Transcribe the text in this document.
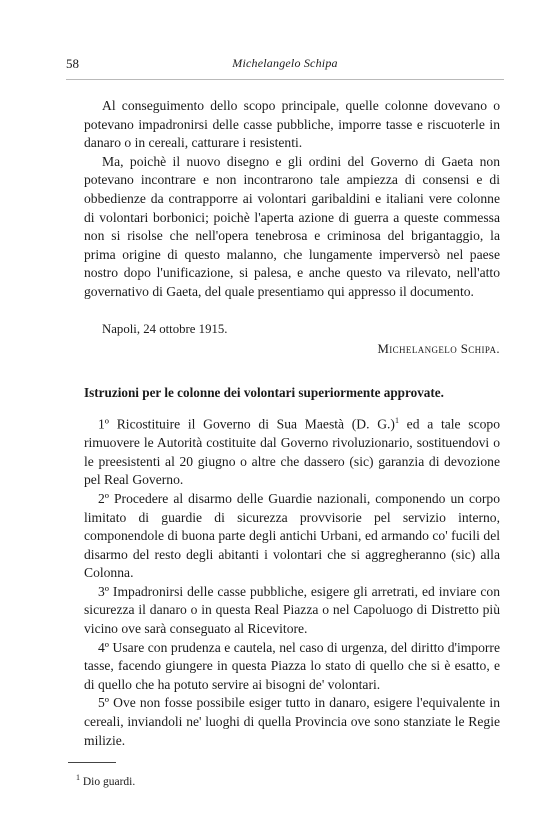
58	Michelangelo Schipa

Al conseguimento dello scopo principale, quelle colonne dovevano o potevano impadronirsi delle casse pubbliche, imporre tasse e riscuoterle in danaro o in cereali, catturare i resistenti.

Ma, poichè il nuovo disegno e gli ordini del Governo di Gaeta non potevano incontrare e non incontrarono tale ampiezza di consensi e di obbedienze da contrapporre ai volontari garibaldini e italiani vere colonne di volontari borbonici; poichè l'aperta azione di guerra a queste commessa non si risolse che nell'opera tenebrosa e criminosa del brigantaggio, la prima origine di questo malanno, che lungamente imperversò nel paese nostro dopo l'unificazione, si palesa, e anche questo va rilevato, nell'atto governativo di Gaeta, del quale presentiamo qui appresso il documento.

Napoli, 24 ottobre 1915.
Michelangelo Schipa.
Istruzioni per le colonne dei volontari superiormente approvate.

1º Ricostituire il Governo di Sua Maestà (D. G.)$^1$ ed a tale scopo rimuovere le Autorità costituite dal Governo rivoluzionario, sostituendovi o le preesistenti al 20 giugno o altre che dassero (sic) garanzia di devozione pel Real Governo.

2º Procedere al disarmo delle Guardie nazionali, componendo un corpo limitato di guardie di sicurezza provvisorie pel servizio interno, componendole di buona parte degli antichi Urbani, ed armando co' fucili del disarmo del resto degli abitanti i volontari che si aggregheranno (sic) alla Colonna.

3º Impadronirsi delle casse pubbliche, esigere gli arretrati, ed inviare con sicurezza il danaro o in questa Real Piazza o nel Capoluogo di Distretto più vicino ove sarà conseguato al Ricevitore.

4º Usare con prudenza e cautela, nel caso di urgenza, del diritto d'imporre tasse, facendo giungere in questa Piazza lo stato di quello che si è esatto, e di quello che ha potuto servire ai bisogni de' volontari.

5º Ove non fosse possibile esiger tutto in danaro, esigere l'equivalente in cereali, inviandoli ne' luoghi di quella Provincia ove sono stanziate le Regie milizie.

$^1$ Dio guardi.
